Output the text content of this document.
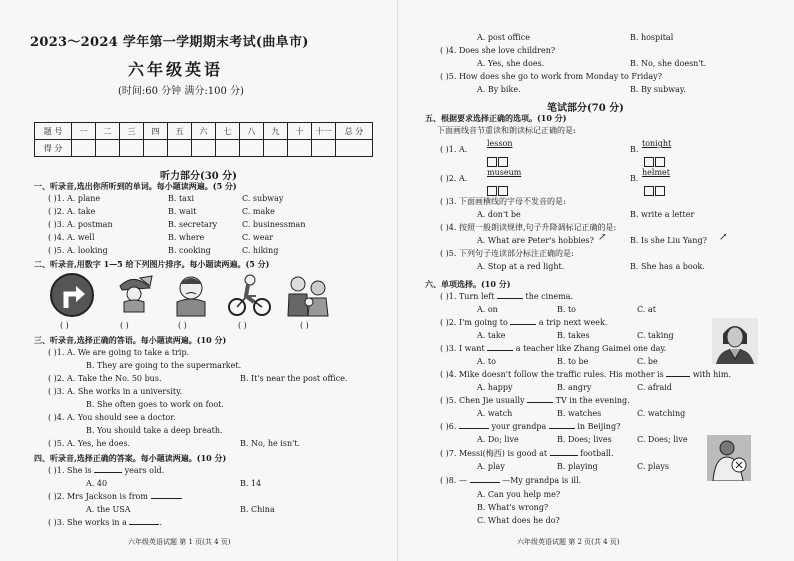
2023～2024 学年第一学期期末考试(曲阜市)
六年级英语
(时间:60 分钟 满分:100 分)
题 号	一	二	三	四	五	六	七	八	九	十	十一	总 分
得 分												
听力部分(30 分)
一、听录音,选出你所听到的单词。每小题读两遍。(5 分)
( )1. A. plane	B. taxi	C. subway
( )2. A. take	B. wait	C. make
( )3. A. postman	B. secretary	C. businessman
( )4. A. well	B. where	C. wear
( )5. A. looking	B. cooking	C. hiking
二、听录音,用数字 1—5 给下列图片排序。每小题读两遍。(5 分)
( )	( )	( )	( )	( )
三、听录音,选择正确的答语。每小题读两遍。(10 分)
( )1. A. We are going to take a trip.
B. They are going to the supermarket.
( )2. A. Take the No. 50 bus.	B. It's near the post office.
( )3. A. She works in a university.
B. She often goes to work on foot.
( )4. A. You should see a doctor.
B. You should take a deep breath.
( )5. A. Yes, he does.	B. No, he isn't.
四、听录音,选择正确的答案。每小题读两遍。(10 分)
( )1. She is	years old.
A. 40	B. 14
( )2. Mrs Jackson is from	.
A. the USA	B. China
( )3. She works in a	.
六年级英语试题 第 1 页(共 4 页)
A. post office	B. hospital
( )4. Does she love children?
A. Yes, she does.	B. No, she doesn't.
( )5. How does she go to work from Monday to Friday?
A. By bike.	B. By subway.
笔试部分(70 分)
五、根据要求选择正确的选项。(10 分)
下面画线音节重读和朗读标记正确的是:
( )1. A.
lesson
B.
tonight
( )2. A.
museum
B.
helmet
( )3. 下面画横线的字母不发音的是:
A. don't be	B. write a letter
( )4. 按照一般朗读规律,句子升降调标记正确的是:
A. What are Peter's hobbies? ↗	B. Is she Liu Yang? ↗
( )5. 下列句子连读部分标注正确的是:
A. Stop at a red light.	B. She has a book.
六、单项选择。(10 分)
( )1. Turn left	the cinema.
A. on	B. to	C. at
( )2. I'm going to	a trip next week.
A. take	B. takes	C. taking
( )3. I want	a teacher like Zhang Gaimei one day.
A. to	B. to be	C. be
( )4. Mike doesn't follow the traffic rules. His mother is	with him.
A. happy	B. angry	C. afraid
( )5. Chen Jie usually	TV in the evening.
A. watch	B. watches	C. watching
( )6.	your grandpa	in Beijing?
A. Do; live	B. Does; lives	C. Does; live
( )7. Messi(梅西) is good at	football.
A. play	B. playing	C. plays
( )8. —	—My grandpa is ill.
A. Can you help me?
B. What's wrong?
C. What does he do?
六年级英语试题 第 2 页(共 4 页)
